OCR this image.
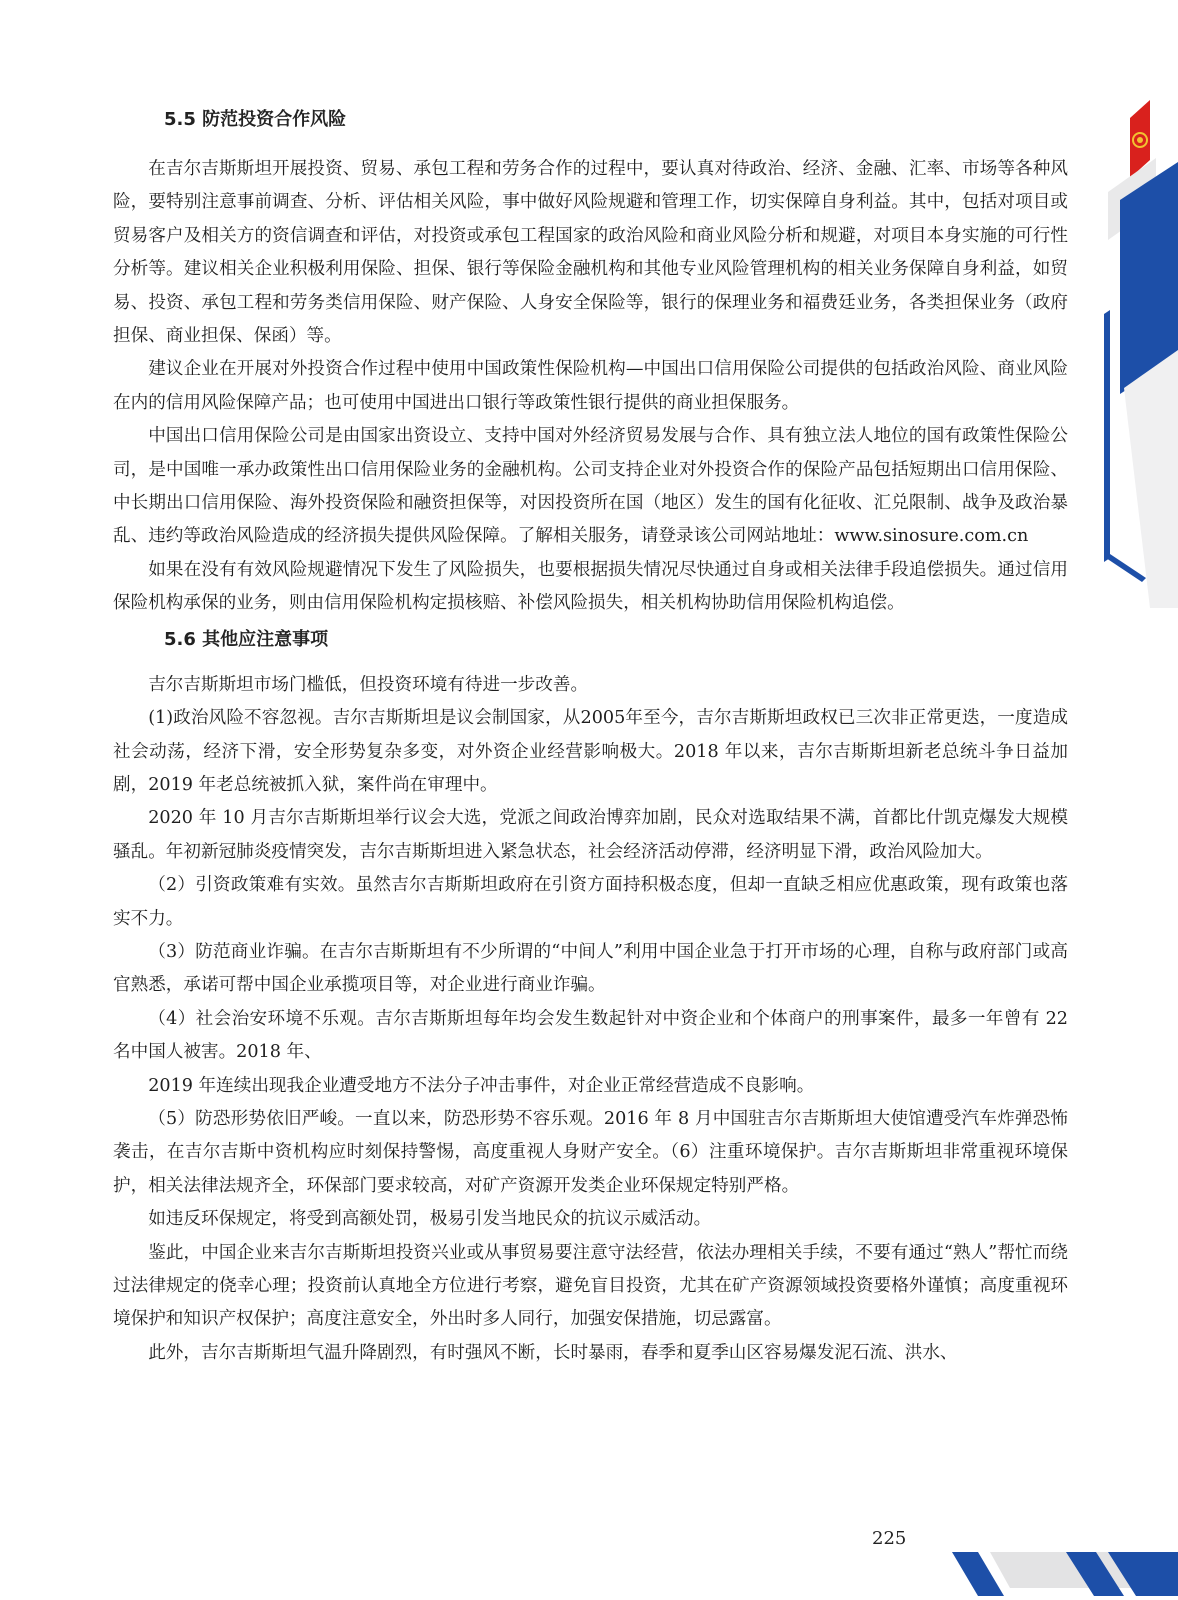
5.5 防范投资合作风险

在吉尔吉斯斯坦开展投资、贸易、承包工程和劳务合作的过程中，要认真对待政治、经济、金融、汇率、市场等各种风险，要特别注意事前调查、分析、评估相关风险，事中做好风险规避和管理工作，切实保障自身利益。其中，包括对项目或贸易客户及相关方的资信调查和评估，对投资或承包工程国家的政治风险和商业风险分析和规避，对项目本身实施的可行性分析等。建议相关企业积极利用保险、担保、银行等保险金融机构和其他专业风险管理机构的相关业务保障自身利益，如贸易、投资、承包工程和劳务类信用保险、财产保险、人身安全保险等，银行的保理业务和福费廷业务，各类担保业务（政府担保、商业担保、保函）等。

建议企业在开展对外投资合作过程中使用中国政策性保险机构—中国出口信用保险公司提供的包括政治风险、商业风险在内的信用风险保障产品；也可使用中国进出口银行等政策性银行提供的商业担保服务。

中国出口信用保险公司是由国家出资设立、支持中国对外经济贸易发展与合作、具有独立法人地位的国有政策性保险公司，是中国唯一承办政策性出口信用保险业务的金融机构。公司支持企业对外投资合作的保险产品包括短期出口信用保险、中长期出口信用保险、海外投资保险和融资担保等，对因投资所在国（地区）发生的国有化征收、汇兑限制、战争及政治暴乱、违约等政治风险造成的经济损失提供风险保障。了解相关服务，请登录该公司网站地址：www.sinosure.com.cn

如果在没有有效风险规避情况下发生了风险损失，也要根据损失情况尽快通过自身或相关法律手段追偿损失。通过信用保险机构承保的业务，则由信用保险机构定损核赔、补偿风险损失，相关机构协助信用保险机构追偿。

5.6 其他应注意事项

吉尔吉斯斯坦市场门槛低，但投资环境有待进一步改善。

(1)政治风险不容忽视。吉尔吉斯斯坦是议会制国家，从2005年至今，吉尔吉斯斯坦政权已三次非正常更迭，一度造成社会动荡，经济下滑，安全形势复杂多变，对外资企业经营影响极大。2018 年以来，吉尔吉斯斯坦新老总统斗争日益加剧，2019 年老总统被抓入狱，案件尚在审理中。

2020 年 10 月吉尔吉斯斯坦举行议会大选，党派之间政治博弈加剧，民众对选取结果不满，首都比什凯克爆发大规模骚乱。年初新冠肺炎疫情突发，吉尔吉斯斯坦进入紧急状态，社会经济活动停滞，经济明显下滑，政治风险加大。

（2）引资政策难有实效。虽然吉尔吉斯斯坦政府在引资方面持积极态度，但却一直缺乏相应优惠政策，现有政策也落实不力。

（3）防范商业诈骗。在吉尔吉斯斯坦有不少所谓的“中间人”利用中国企业急于打开市场的心理，自称与政府部门或高官熟悉，承诺可帮中国企业承揽项目等，对企业进行商业诈骗。

（4）社会治安环境不乐观。吉尔吉斯斯坦每年均会发生数起针对中资企业和个体商户的刑事案件，最多一年曾有 22 名中国人被害。2018 年、

2019 年连续出现我企业遭受地方不法分子冲击事件，对企业正常经营造成不良影响。

（5）防恐形势依旧严峻。一直以来，防恐形势不容乐观。2016 年 8 月中国驻吉尔吉斯斯坦大使馆遭受汽车炸弹恐怖袭击，在吉尔吉斯中资机构应时刻保持警惕，高度重视人身财产安全。（6）注重环境保护。吉尔吉斯斯坦非常重视环境保护，相关法律法规齐全，环保部门要求较高，对矿产资源开发类企业环保规定特别严格。

如违反环保规定，将受到高额处罚，极易引发当地民众的抗议示威活动。

鉴此，中国企业来吉尔吉斯斯坦投资兴业或从事贸易要注意守法经营，依法办理相关手续，不要有通过“熟人”帮忙而绕过法律规定的侥幸心理；投资前认真地全方位进行考察，避免盲目投资，尤其在矿产资源领域投资要格外谨慎；高度重视环境保护和知识产权保护；高度注意安全，外出时多人同行，加强安保措施，切忌露富。

此外，吉尔吉斯斯坦气温升降剧烈，有时强风不断，长时暴雨，春季和夏季山区容易爆发泥石流、洪水、

225
